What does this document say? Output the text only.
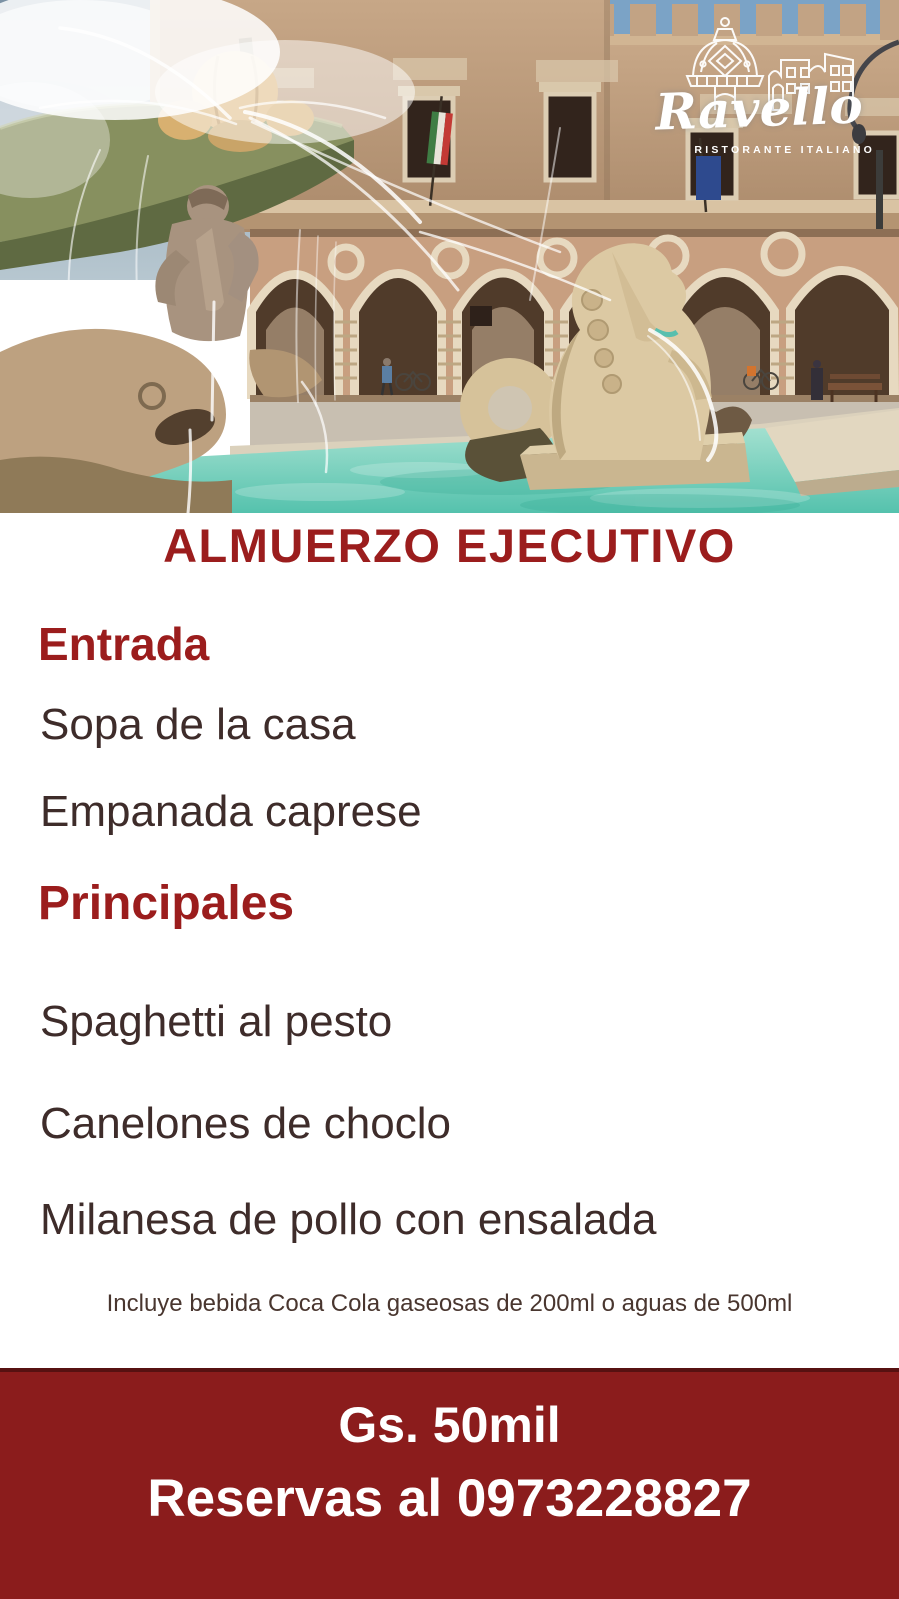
Ravello
RISTORANTE ITALIANO
ALMUERZO EJECUTIVO
Entrada
Sopa de la casa
Empanada caprese
Principales
Spaghetti al pesto
Canelones de choclo
Milanesa de pollo con ensalada
Incluye bebida Coca Cola gaseosas de 200ml o aguas de 500ml
Gs. 50mil
Reservas al 0973228827
